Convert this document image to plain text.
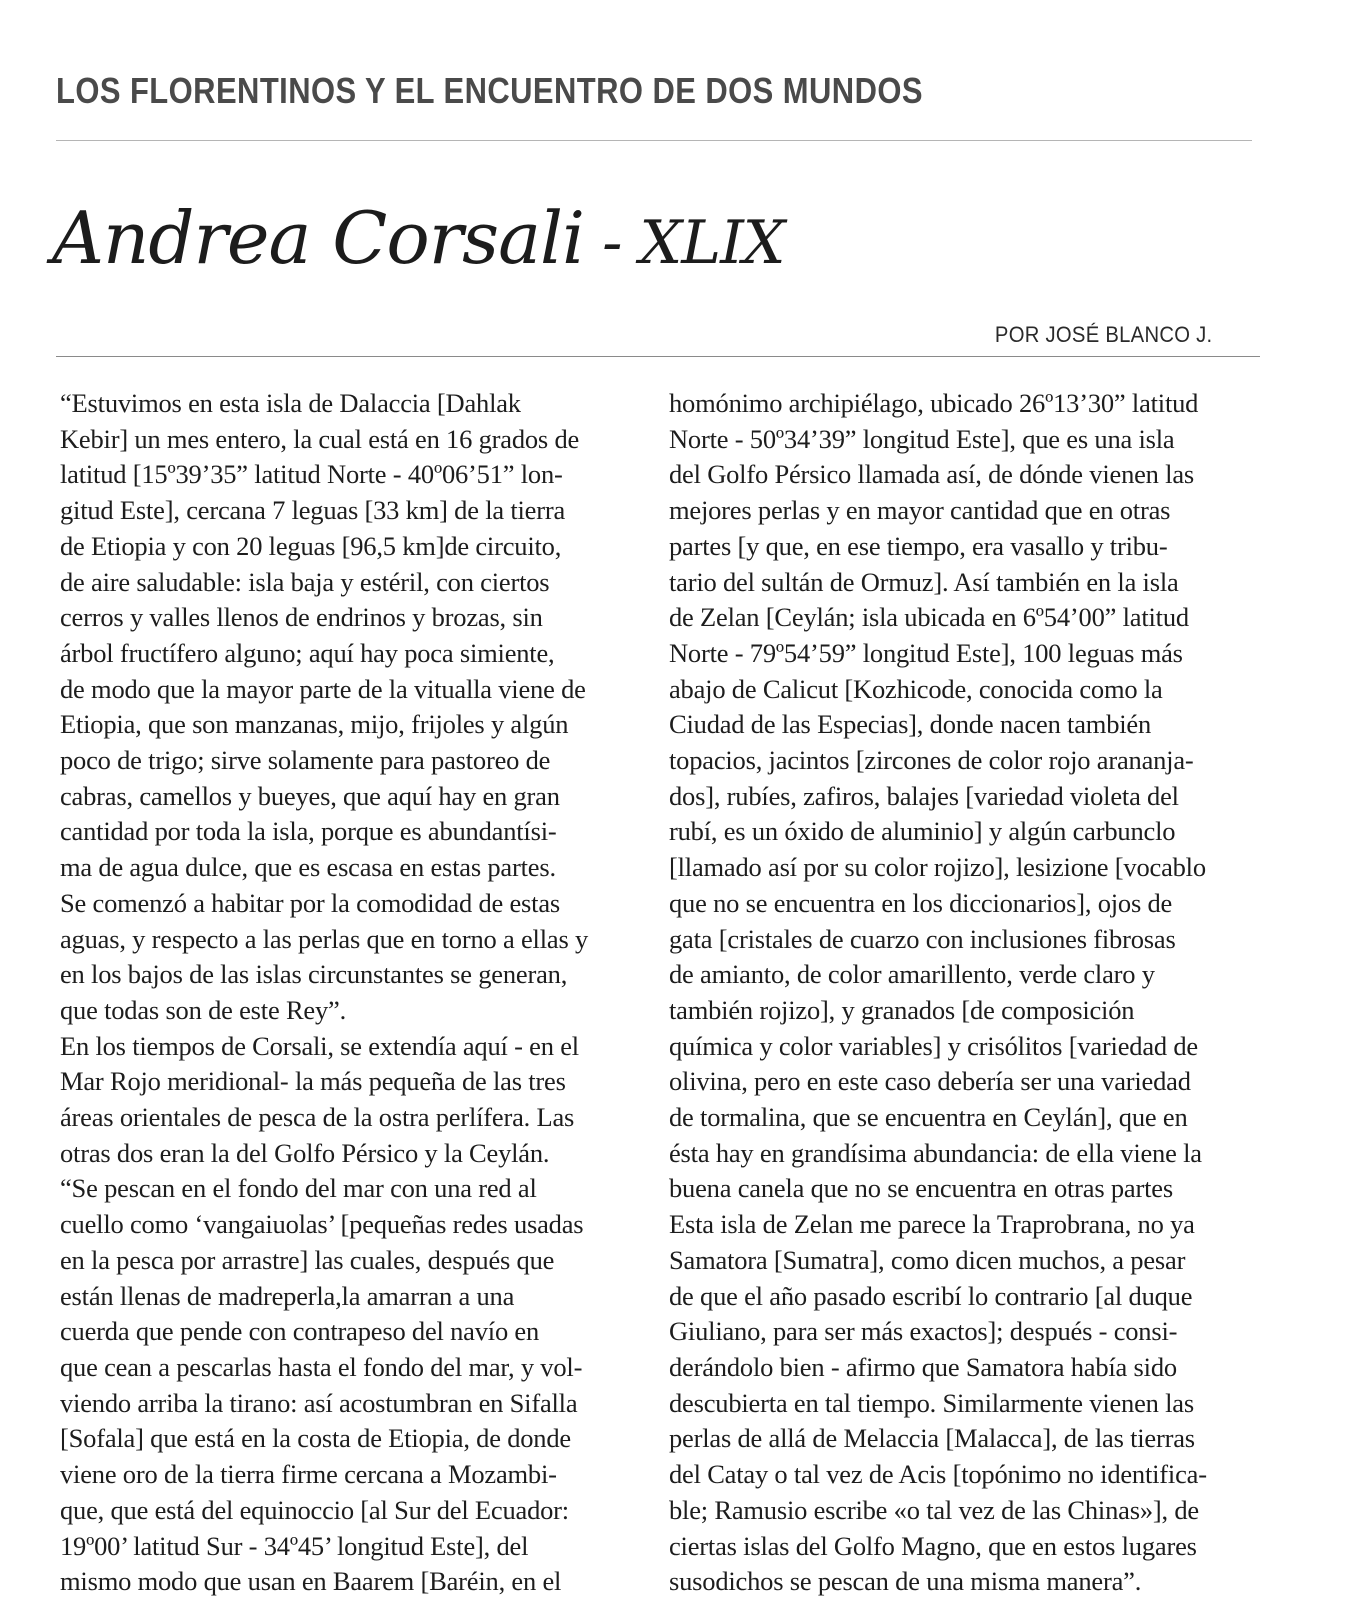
LOS FLORENTINOS Y EL ENCUENTRO DE DOS MUNDOS
Andrea Corsali - XLIX
POR JOSÉ BLANCO J.
“Estuvimos en esta isla de Dalaccia [Dahlak
Kebir] un mes entero, la cual está en 16 grados de
latitud [15º39’35” latitud Norte - 40º06’51” lon-
gitud Este], cercana 7 leguas [33 km] de la tierra
de Etiopia y con 20 leguas [96,5 km]de circuito,
de aire saludable: isla baja y estéril, con ciertos
cerros y valles llenos de endrinos y brozas, sin
árbol fructífero alguno; aquí hay poca simiente,
de modo que la mayor parte de la vitualla viene de
Etiopia, que son manzanas, mijo, frijoles y algún
poco de trigo; sirve solamente para pastoreo de
cabras, camellos y bueyes, que aquí hay en gran
cantidad por toda la isla, porque es abundantísi-
ma de agua dulce, que es escasa en estas partes.
Se comenzó a habitar por la comodidad de estas
aguas, y respecto a las perlas que en torno a ellas y
en los bajos de las islas circunstantes se generan,
que todas son de este Rey”.
En los tiempos de Corsali, se extendía aquí - en el
Mar Rojo meridional- la más pequeña de las tres
áreas orientales de pesca de la ostra perlífera. Las
otras dos eran la del Golfo Pérsico y la Ceylán.
“Se pescan en el fondo del mar con una red al
cuello como ‘vangaiuolas’ [pequeñas redes usadas
en la pesca por arrastre] las cuales, después que
están llenas de madreperla,la amarran a una
cuerda que pende con contrapeso del navío en
que cean a pescarlas hasta el fondo del mar, y vol-
viendo arriba la tirano: así acostumbran en Sifalla
[Sofala] que está en la costa de Etiopia, de donde
viene oro de la tierra firme cercana a Mozambi-
que, que está del equinoccio [al Sur del Ecuador:
19º00’ latitud Sur - 34º45’ longitud Este], del
mismo modo que usan en Baarem [Baréin, en el
homónimo archipiélago, ubicado 26º13’30” latitud
Norte - 50º34’39” longitud Este], que es una isla
del Golfo Pérsico llamada así, de dónde vienen las
mejores perlas y en mayor cantidad que en otras
partes [y que, en ese tiempo, era vasallo y tribu-
tario del sultán de Ormuz]. Así también en la isla
de Zelan [Ceylán; isla ubicada en 6º54’00” latitud
Norte - 79º54’59” longitud Este], 100 leguas más
abajo de Calicut [Kozhicode, conocida como la
Ciudad de las Especias], donde nacen también
topacios, jacintos [zircones de color rojo arananja-
dos], rubíes, zafiros, balajes [variedad violeta del
rubí, es un óxido de aluminio] y algún carbunclo
[llamado así por su color rojizo], lesizione [vocablo
que no se encuentra en los diccionarios], ojos de
gata [cristales de cuarzo con inclusiones fibrosas
de amianto, de color amarillento, verde claro y
también rojizo], y granados [de composición
química y color variables] y crisólitos [variedad de
olivina, pero en este caso debería ser una variedad
de tormalina, que se encuentra en Ceylán], que en
ésta hay en grandísima abundancia: de ella viene la
buena canela que no se encuentra en otras partes
Esta isla de Zelan me parece la Traprobrana, no ya
Samatora [Sumatra], como dicen muchos, a pesar
de que el año pasado escribí lo contrario [al duque
Giuliano, para ser más exactos]; después - consi-
derándolo bien - afirmo que Samatora había sido
descubierta en tal tiempo. Similarmente vienen las
perlas de allá de Melaccia [Malacca], de las tierras
del Catay o tal vez de Acis [topónimo no identifica-
ble; Ramusio escribe «o tal vez de las Chinas»], de
ciertas islas del Golfo Magno, que en estos lugares
susodichos se pescan de una misma manera”.
